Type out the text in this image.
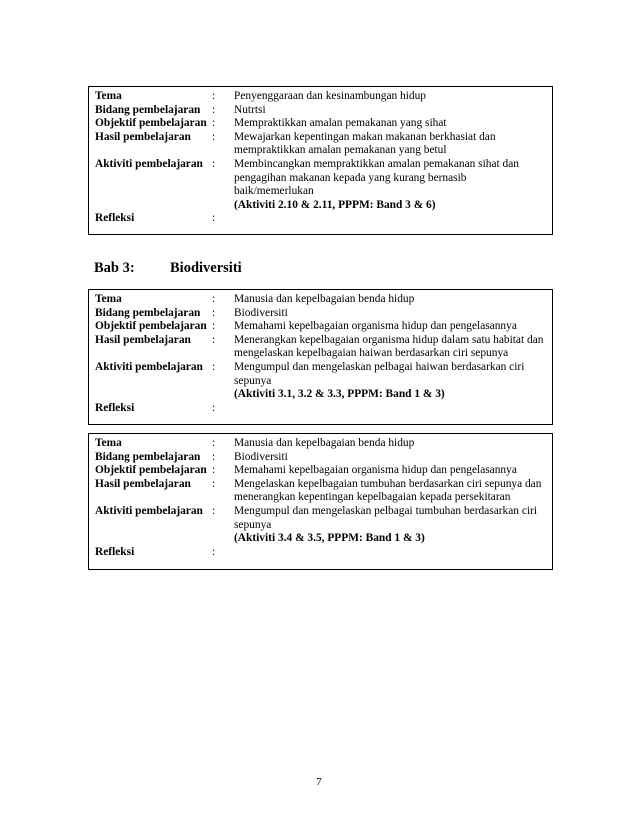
Tema	:	Penyenggaraan dan kesinambungan hidup
Bidang pembelajaran	:	Nutrtsi
Objektif pembelajaran :	Mempraktikkan amalan pemakanan yang sihat
Hasil pembelajaran	:	Mewajarkan kepentingan makan makanan berkhasiat dan
mempraktikkan amalan pemakanan yang betul
Aktiviti pembelajaran :	Membincangkan mempraktikkan amalan pemakanan sihat dan
pengagihan makanan kepada yang kurang bernasib
baik/memerlukan
(Aktiviti 2.10 & 2.11, PPPM: Band 3 & 6)
Refleksi	:
Bab 3: Biodiversiti
Tema	:	Manusia dan kepelbagaian benda hidup
Bidang pembelajaran	:	Biodiversiti
Objektif pembelajaran :	Memahami kepelbagaian organisma hidup dan pengelasannya
Hasil pembelajaran	:	Menerangkan kepelbagaian organisma hidup dalam satu habitat dan
mengelaskan kepelbagaian haiwan berdasarkan ciri sepunya
Aktiviti pembelajaran :	Mengumpul dan mengelaskan pelbagai haiwan berdasarkan ciri
sepunya
(Aktiviti 3.1, 3.2 & 3.3, PPPM: Band 1 & 3)
Refleksi	:
Tema	:	Manusia dan kepelbagaian benda hidup
Bidang pembelajaran	:	Biodiversiti
Objektif pembelajaran :	Memahami kepelbagaian organisma hidup dan pengelasannya
Hasil pembelajaran	:	Mengelaskan kepelbagaian tumbuhan berdasarkan ciri sepunya dan
menerangkan kepentingan kepelbagaian kepada persekitaran
Aktiviti pembelajaran :	Mengumpul dan mengelaskan pelbagai tumbuhan berdasarkan ciri
sepunya
(Aktiviti 3.4 & 3.5, PPPM: Band 1 & 3)
Refleksi	:
7
